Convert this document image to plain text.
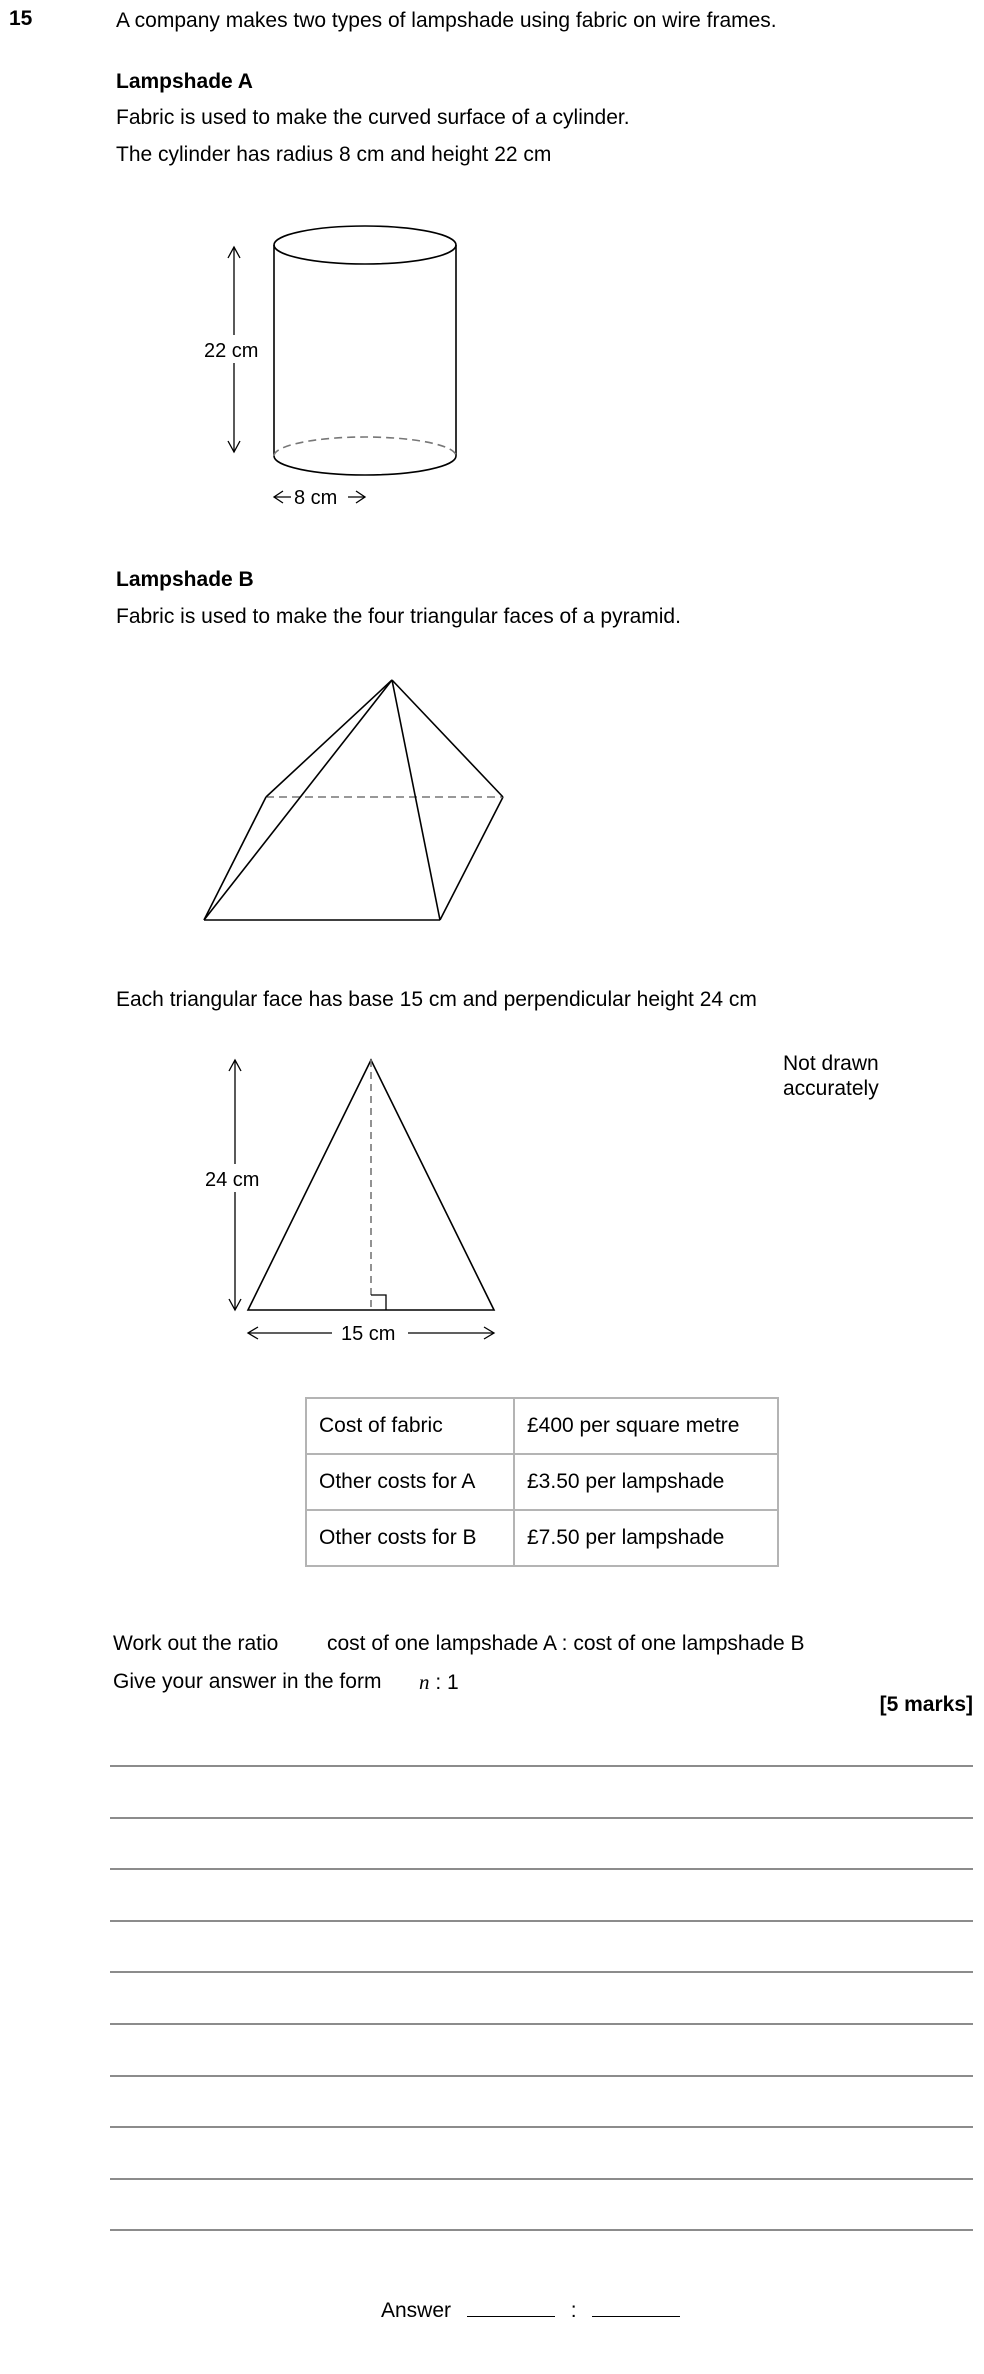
15	A company makes two types of lampshade using fabric on wire frames.
Lampshade A
Fabric is used to make the curved surface of a cylinder.
The cylinder has radius 8 cm and height 22 cm
22 cm
8 cm
Lampshade B
Fabric is used to make the four triangular faces of a pyramid.
Each triangular face has base 15 cm and perpendicular height 24 cm
24 cm
15 cm
Not drawn
accurately
Cost of fabric	£400 per square metre
Other costs for A	£3.50 per lampshade
Other costs for B	£7.50 per lampshade
Work out the ratio cost of one lampshade A : cost of one lampshade B
Give your answer in the form n : 1
[5 marks]
Answer	:
